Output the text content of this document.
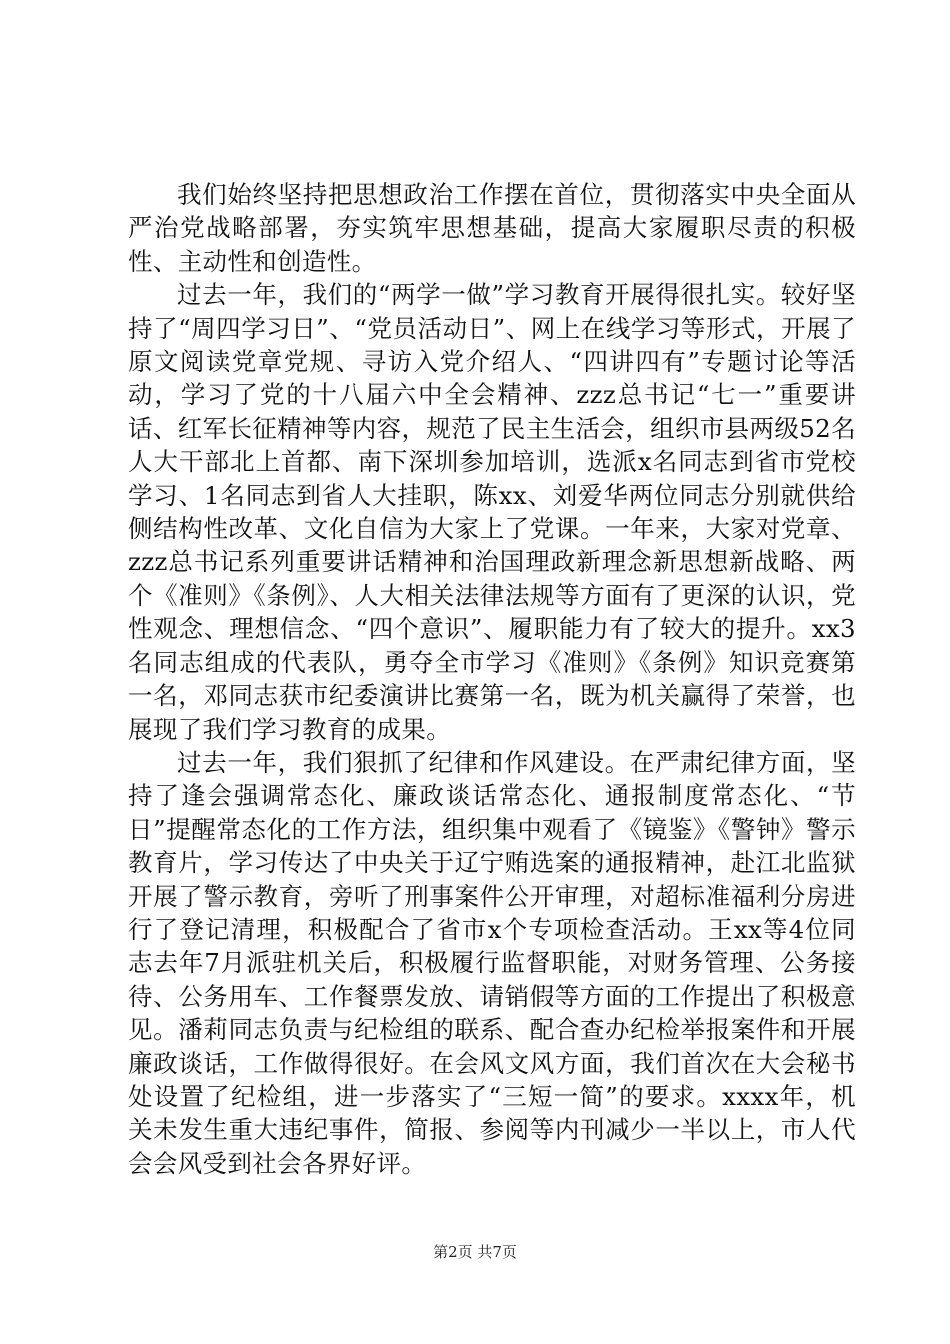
我们始终坚持把思想政治工作摆在首位，贯彻落实中央全面从严治党战略部署，夯实筑牢思想基础，提高大家履职尽责的积极性、主动性和创造性。

过去一年，我们的“两学一做”学习教育开展得很扎实。较好坚持了“周四学习日”、“党员活动日”、网上在线学习等形式，开展了原文阅读党章党规、寻访入党介绍人、“四讲四有”专题讨论等活动，学习了党的十八届六中全会精神、zzz总书记“七一”重要讲话、红军长征精神等内容，规范了民主生活会，组织市县两级52名人大干部北上首都、南下深圳参加培训，选派x名同志到省市党校学习、1名同志到省人大挂职，陈xx、刘爱华两位同志分别就供给侧结构性改革、文化自信为大家上了党课。一年来，大家对党章、zzz总书记系列重要讲话精神和治国理政新理念新思想新战略、两个《准则》《条例》、人大相关法律法规等方面有了更深的认识，党性观念、理想信念、“四个意识”、履职能力有了较大的提升。xx3名同志组成的代表队，勇夺全市学习《准则》《条例》知识竞赛第一名，邓同志获市纪委演讲比赛第一名，既为机关赢得了荣誉，也展现了我们学习教育的成果。

过去一年，我们狠抓了纪律和作风建设。在严肃纪律方面，坚持了逢会强调常态化、廉政谈话常态化、通报制度常态化、“节日”提醒常态化的工作方法，组织集中观看了《镜鉴》《警钟》警示教育片，学习传达了中央关于辽宁贿选案的通报精神，赴江北监狱开展了警示教育，旁听了刑事案件公开审理，对超标准福利分房进行了登记清理，积极配合了省市x个专项检查活动。王xx等4位同志去年7月派驻机关后，积极履行监督职能，对财务管理、公务接待、公务用车、工作餐票发放、请销假等方面的工作提出了积极意见。潘莉同志负责与纪检组的联系、配合查办纪检举报案件和开展廉政谈话，工作做得很好。在会风文风方面，我们首次在大会秘书处设置了纪检组，进一步落实了“三短一简”的要求。xxxx年，机关未发生重大违纪事件，简报、参阅等内刊减少一半以上，市人代会会风受到社会各界好评。

第2页 共7页
